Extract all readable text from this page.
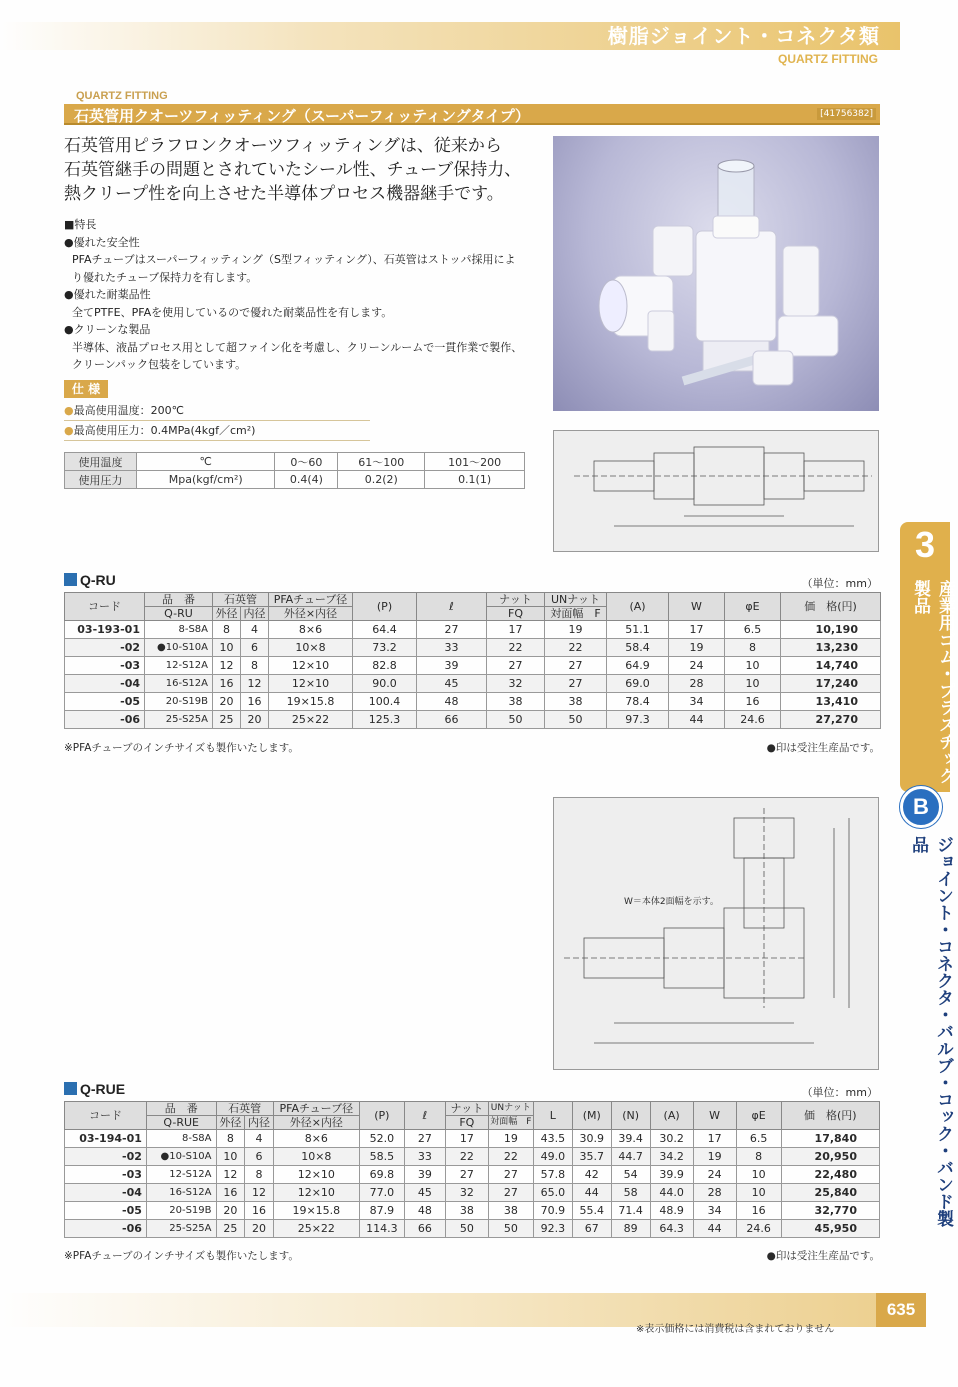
樹脂ジョイント・コネクタ類
QUARTZ FITTING
QUARTZ FITTING
石英管用クオーツフィッティング（スーパーフィッティングタイプ）	[41756382]
石英管用ピラフロンクオーツフィッティングは、従来から
石英管継手の問題とされていたシール性、チューブ保持力、
熱クリープ性を向上させた半導体プロセス機器継手です。
■特長
●優れた安全性
PFAチューブはスーパーフィッティング（S型フィッティング）、石英管はストッパ採用によ
り優れたチューブ保持力を有します。
●優れた耐薬品性
全てPTFE、PFAを使用しているので優れた耐薬品性を有します。
●クリーンな製品
半導体、液晶プロセス用として超ファイン化を考慮し、クリーンルームで一貫作業で製作、
クリーンパック包装をしています。
仕 様
●最高使用温度：200℃
●最高使用圧力：0.4MPa(4kgf／cm²)
使用温度	℃	0～60	61～100	101～200
使用圧力	Mpa(kgf/cm²)	0.4(4)	0.2(2)	0.1(1)
W＝本体2面幅を示す。
Q-RU	（単位：mm）
コード	品　番	石英管		PFAチューブ径	(P)	ℓ	ナット	UNナット	(A)	W	φE	価　格(円)
	Q-RU	外径	内径	外径×内径			FQ	対面幅　F				
03-193-01	8-S8A	8	4	8×6	64.4	27	17	19	51.1	17	6.5	10,190
-02	●10-S10A	10	6	10×8	73.2	33	22	22	58.4	19	8	13,230
-03	12-S12A	12	8	12×10	82.8	39	27	27	64.9	24	10	14,740
-04	16-S12A	16	12	12×10	90.0	45	32	27	69.0	28	10	17,240
-05	20-S19B	20	16	19×15.8	100.4	48	38	38	78.4	34	16	13,410
-06	25-S25A	25	20	25×22	125.3	66	50	50	97.3	44	24.6	27,270
※PFAチューブのインチサイズも製作いたします。	●印は受注生産品です。
Q-RUE	（単位：mm）
コード	品　番	石英管		PFAチューブ径	(P)	ℓ	ナット	UNナット	L	(M)	(N)	(A)	W	φE	価　格(円)
	Q-RUE	外径	内径	外径×内径			FQ	対面幅　F							
03-194-01	8-S8A	8	4	8×6	52.0	27	17	19	43.5	30.9	39.4	30.2	17	6.5	17,840
-02	●10-S10A	10	6	10×8	58.5	33	22	22	49.0	35.7	44.7	34.2	19	8	20,950
-03	12-S12A	12	8	12×10	69.8	39	27	27	57.8	42	54	39.9	24	10	22,480
-04	16-S12A	16	12	12×10	77.0	45	32	27	65.0	44	58	44.0	28	10	25,840
-05	20-S19B	20	16	19×15.8	87.9	48	38	38	70.9	55.4	71.4	48.9	34	16	32,770
-06	25-S25A	25	20	25×22	114.3	66	50	50	92.3	67	89	64.3	44	24.6	45,950
※PFAチューブのインチサイズも製作いたします。	●印は受注生産品です。
3
産業用ゴム・プラスチック製品
B
ジョイント・コネクタ・バルブ・コック・バンド製品
635
※表示価格には消費税は含まれておりません
